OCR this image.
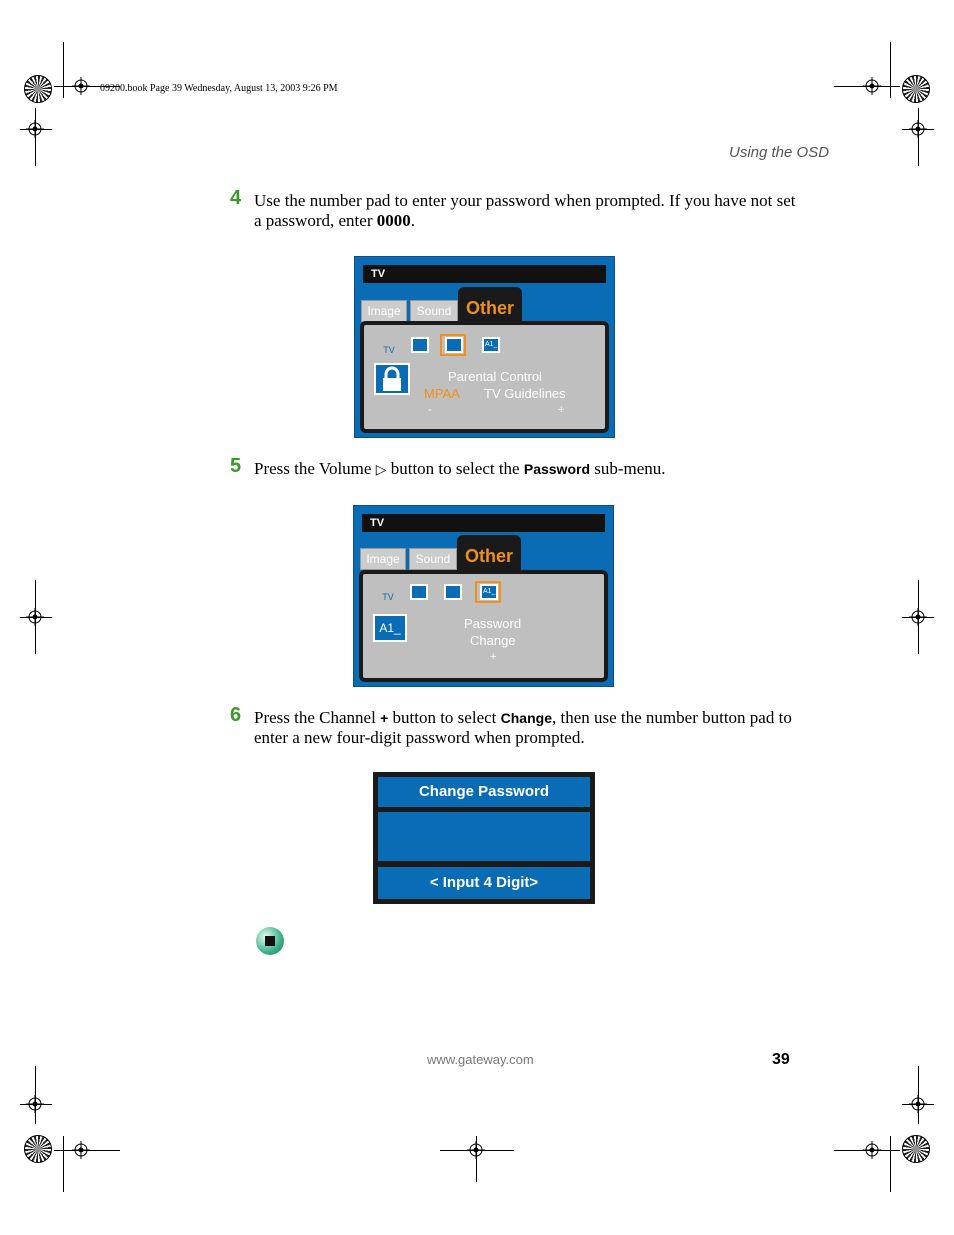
09200.book Page 39 Wednesday, August 13, 2003 9:26 PM
Using the OSD
4 Use the number pad to enter your password when prompted. If you have not set a password, enter 0000.
TV
Image	Sound Other
TV
A1_
Parental Control
MPAA TV Guidelines
-	+
5 Press the Volume ▷ button to select the Password sub-menu.
TV
Image	Sound Other
TV
A1_
A1_	Password
Change
+
6 Press the Channel + button to select Change, then use the number button pad to enter a new four-digit password when prompted.
Change Password
< Input 4 Digit>
www.gateway.com	39
